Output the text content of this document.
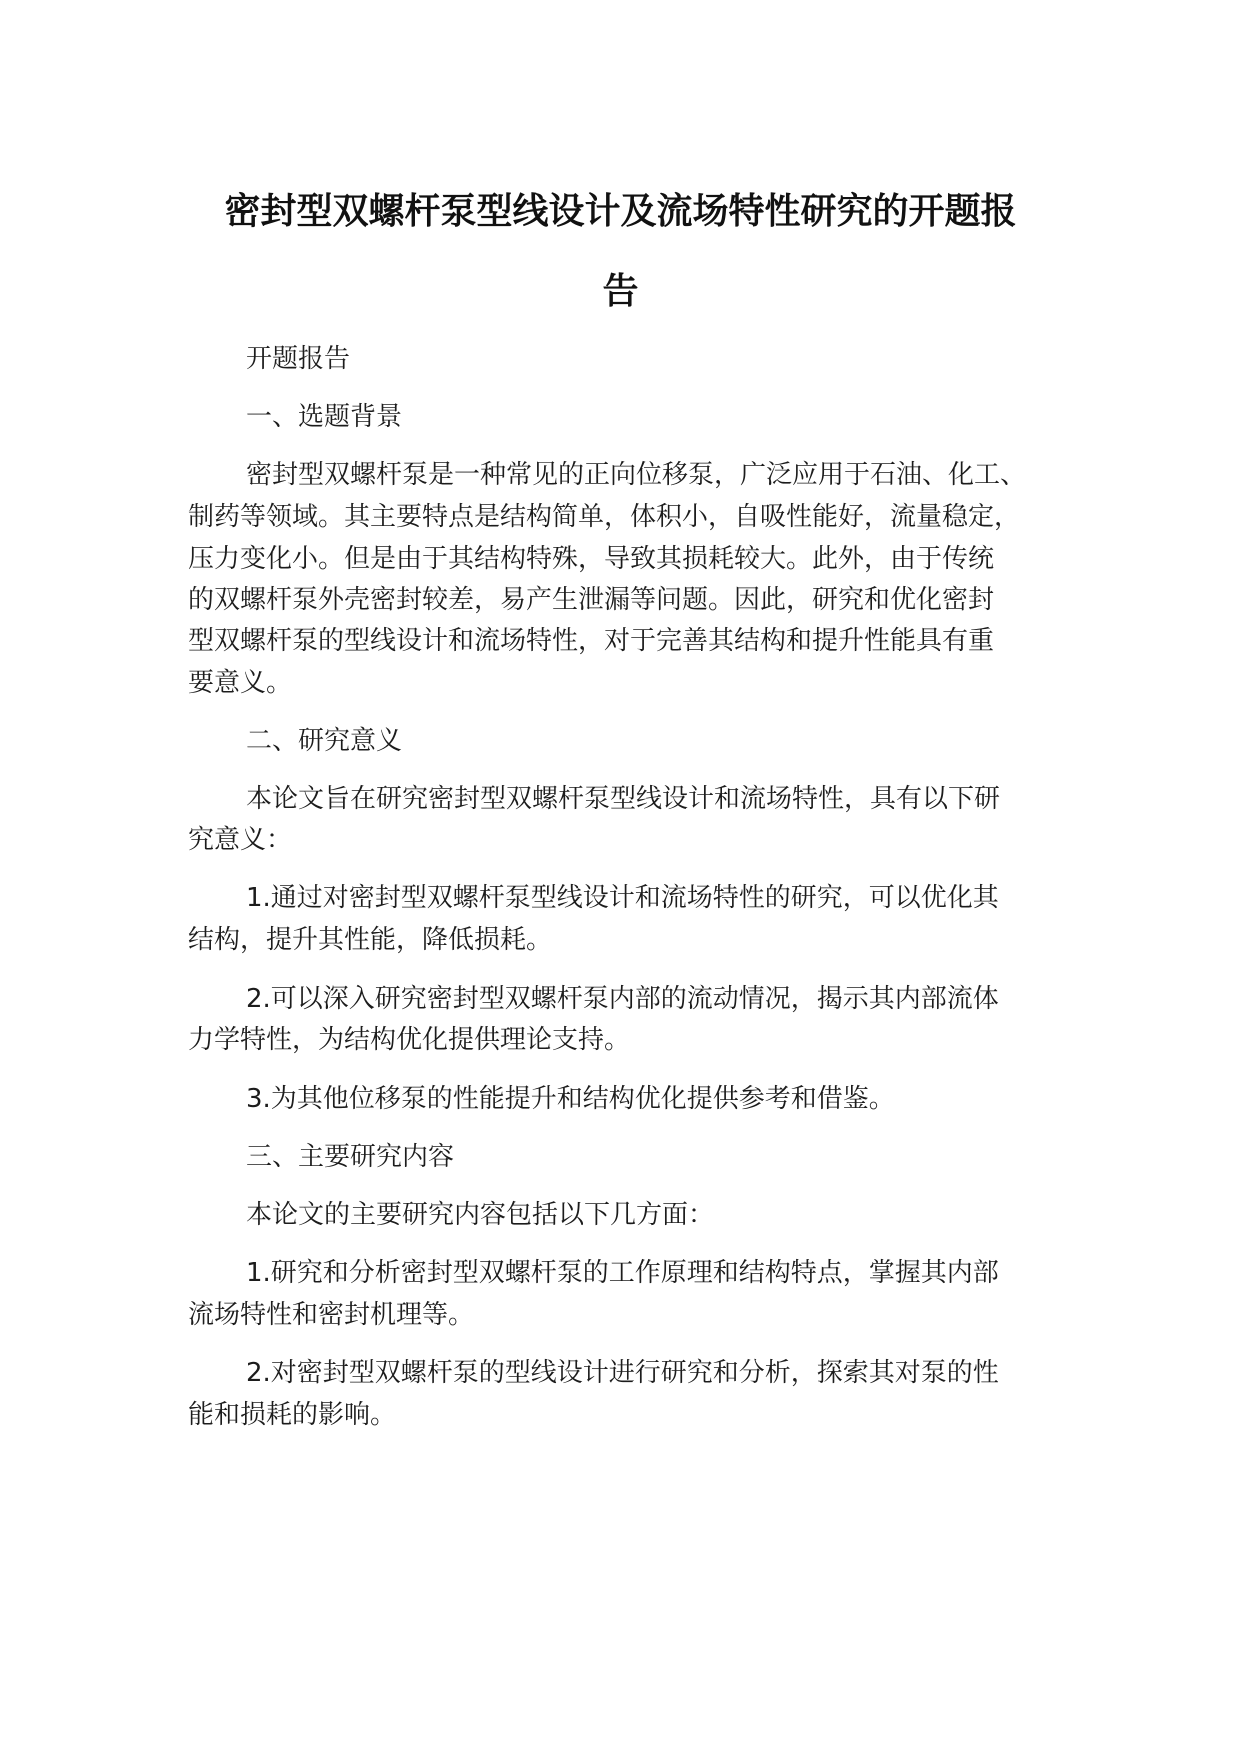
密封型双螺杆泵型线设计及流场特性研究的开题报
告
开题报告
一、选题背景
密封型双螺杆泵是一种常见的正向位移泵，广泛应用于石油、化工、
制药等领域。其主要特点是结构简单，体积小，自吸性能好，流量稳定，
压力变化小。但是由于其结构特殊，导致其损耗较大。此外，由于传统
的双螺杆泵外壳密封较差，易产生泄漏等问题。因此，研究和优化密封
型双螺杆泵的型线设计和流场特性，对于完善其结构和提升性能具有重
要意义。
二、研究意义
本论文旨在研究密封型双螺杆泵型线设计和流场特性，具有以下研
究意义：
1.通过对密封型双螺杆泵型线设计和流场特性的研究，可以优化其
结构，提升其性能，降低损耗。
2.可以深入研究密封型双螺杆泵内部的流动情况，揭示其内部流体
力学特性，为结构优化提供理论支持。
3.为其他位移泵的性能提升和结构优化提供参考和借鉴。
三、主要研究内容
本论文的主要研究内容包括以下几方面：
1.研究和分析密封型双螺杆泵的工作原理和结构特点，掌握其内部
流场特性和密封机理等。
2.对密封型双螺杆泵的型线设计进行研究和分析，探索其对泵的性
能和损耗的影响。
